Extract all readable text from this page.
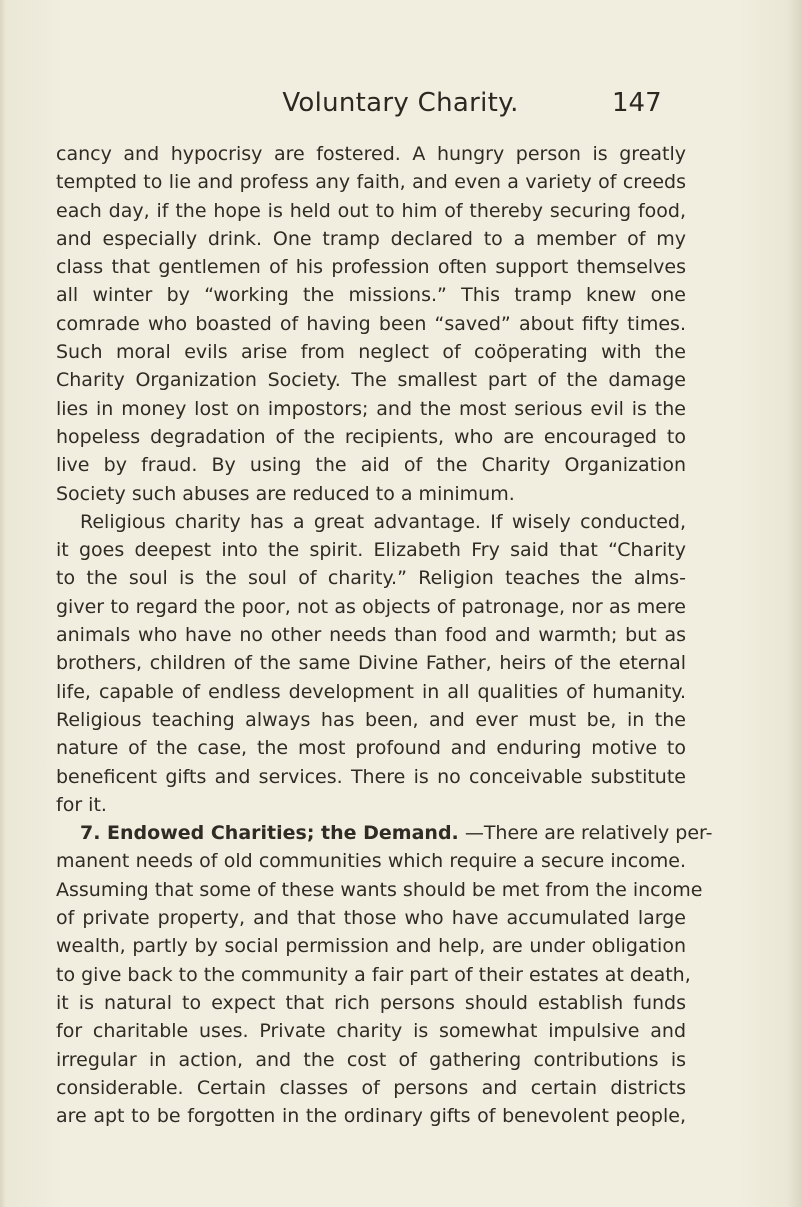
Voluntary Charity.	147
cancy and hypocrisy are fostered. A hungry person is greatly
tempted to lie and profess any faith, and even a variety of creeds
each day, if the hope is held out to him of thereby securing food,
and especially drink. One tramp declared to a member of my
class that gentlemen of his profession often support themselves
all winter by “working the missions.” This tramp knew one
comrade who boasted of having been “saved” about fifty times.
Such moral evils arise from neglect of coöperating with the
Charity Organization Society. The smallest part of the damage
lies in money lost on impostors; and the most serious evil is the
hopeless degradation of the recipients, who are encouraged to
live by fraud. By using the aid of the Charity Organization
Society such abuses are reduced to a minimum.
Religious charity has a great advantage. If wisely conducted,
it goes deepest into the spirit. Elizabeth Fry said that “Charity
to the soul is the soul of charity.” Religion teaches the alms-
giver to regard the poor, not as objects of patronage, nor as mere
animals who have no other needs than food and warmth; but as
brothers, children of the same Divine Father, heirs of the eternal
life, capable of endless development in all qualities of humanity.
Religious teaching always has been, and ever must be, in the
nature of the case, the most profound and enduring motive to
beneficent gifts and services. There is no conceivable substitute
for it.
7. Endowed Charities; the Demand. —There are relatively per-
manent needs of old communities which require a secure income.
Assuming that some of these wants should be met from the income
of private property, and that those who have accumulated large
wealth, partly by social permission and help, are under obligation
to give back to the community a fair part of their estates at death,
it is natural to expect that rich persons should establish funds
for charitable uses. Private charity is somewhat impulsive and
irregular in action, and the cost of gathering contributions is
considerable. Certain classes of persons and certain districts
are apt to be forgotten in the ordinary gifts of benevolent people,
